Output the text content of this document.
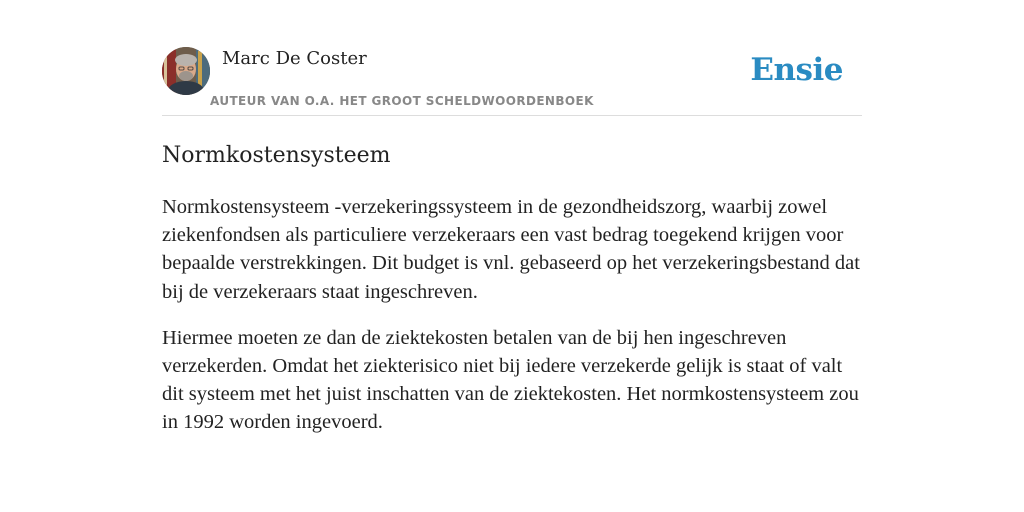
Marc De Coster
AUTEUR VAN O.A. HET GROOT SCHELDWOORDENBOEK
Ensie
Normkostensysteem

Normkostensysteem -verzekeringssysteem in de gezondheidszorg, waarbij zowel ziekenfondsen als particuliere verzekeraars een vast bedrag toegekend krijgen voor bepaalde verstrekkingen. Dit budget is vnl. gebaseerd op het verzekeringsbestand dat bij de verzekeraars staat ingeschreven.

Hiermee moeten ze dan de ziektekosten betalen van de bij hen ingeschreven verzekerden. Omdat het ziekterisico niet bij iedere verzekerde gelijk is staat of valt dit systeem met het juist inschatten van de ziektekosten. Het normkostensysteem zou in 1992 worden ingevoerd.
